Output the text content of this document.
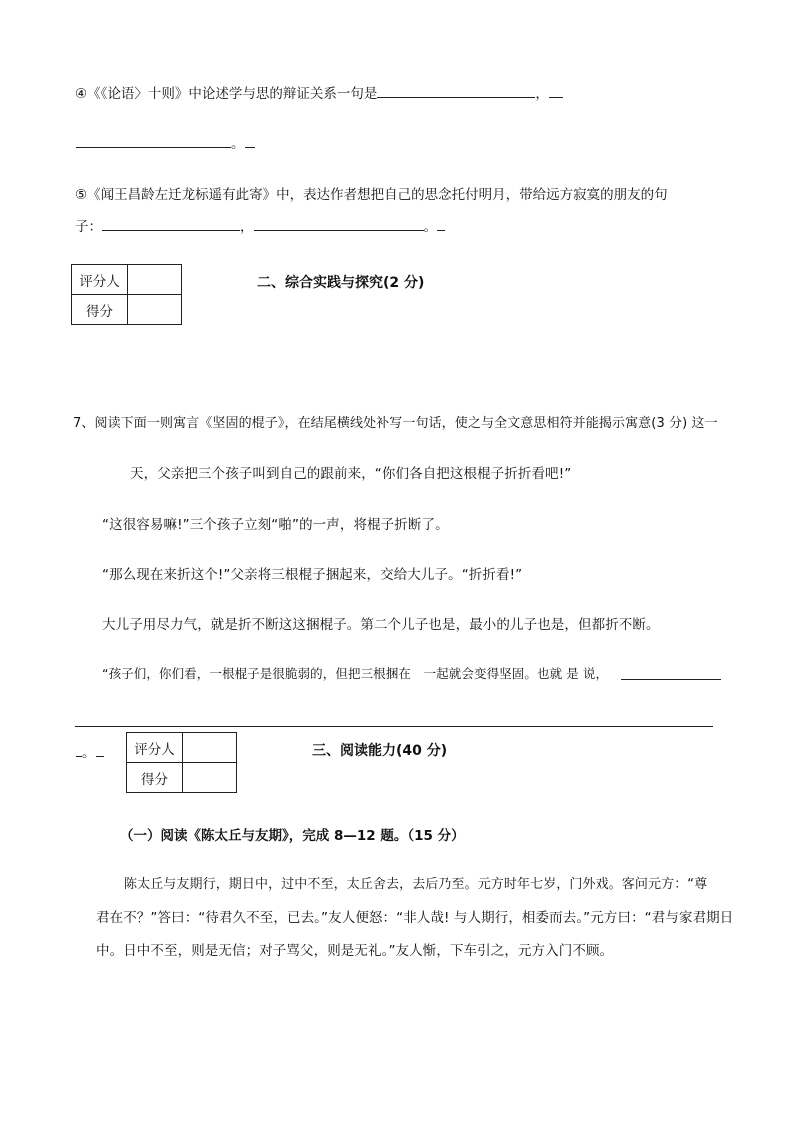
④《《论语〉十则》中论述学与思的辩证关系一句是	，
。
⑤《闻王昌龄左迁龙标遥有此寄》中，表达作者想把自己的思念托付明月，带给远方寂寞的朋友的句
子：	，	。
评分人	
得分	
二、综合实践与探究(2 分)
7、阅读下面一则寓言《坚固的棍子》，在结尾横线处补写一句话，使之与全文意思相符并能揭示寓意(3 分) 这一
天，父亲把三个孩子叫到自己的跟前来，“你们各自把这根棍子折折看吧!”
“这很容易嘛!”三个孩子立刻“啪”的一声，将棍子折断了。
“那么现在来折这个!”父亲将三根棍子捆起来，交给大儿子。“折折看!”
大儿子用尽力气，就是折不断这这捆棍子。第二个儿子也是，最小的儿子也是，但都折不断。
“孩子们，你们看，一根棍子是很脆弱的，但把三根捆在　一起就会变得坚固。也就 是 说，
。	评分人	
得分	
三、阅读能力(40 分)
（一）阅读《陈太丘与友期》，完成 8—12 题。（15 分）
陈太丘与友期行，期日中，过中不至，太丘舍去，去后乃至。元方时年七岁，门外戏。客问元方：“尊
君在不？”答曰：“待君久不至，已去。”友人便怒：“非人哉! 与人期行，相委而去。”元方曰：“君与家君期日
中。日中不至，则是无信；对子骂父，则是无礼。”友人惭，下车引之，元方入门不顾。
